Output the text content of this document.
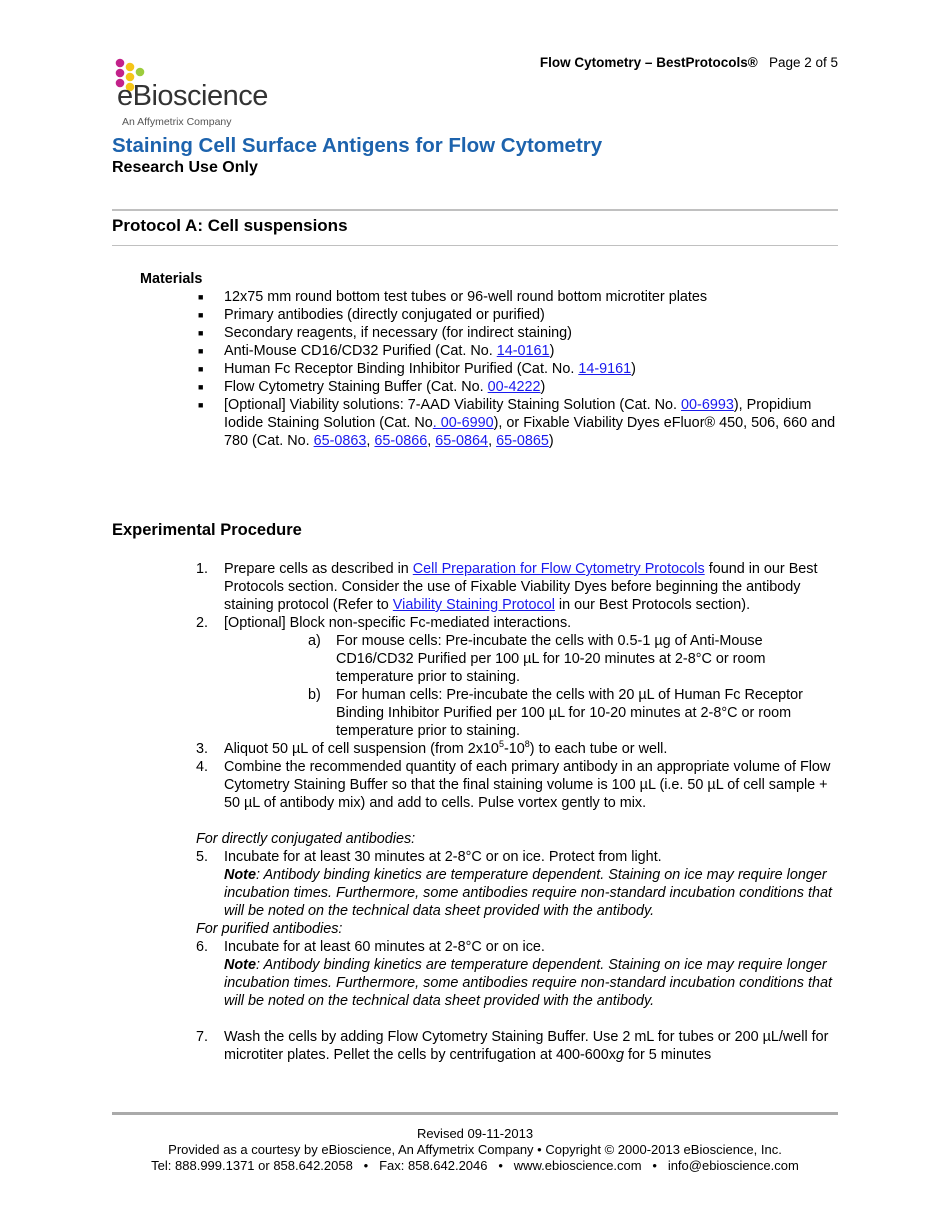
Flow Cytometry – BestProtocols® Page 2 of 5
eBioscience
An Affymetrix Company
Staining Cell Surface Antigens for Flow Cytometry
Research Use Only
Protocol A: Cell suspensions
Materials
■ 12x75 mm round bottom test tubes or 96-well round bottom microtiter plates
■ Primary antibodies (directly conjugated or purified)
■ Secondary reagents, if necessary (for indirect staining)
■ Anti-Mouse CD16/CD32 Purified (Cat. No. 14-0161)
■ Human Fc Receptor Binding Inhibitor Purified (Cat. No. 14-9161)
■ Flow Cytometry Staining Buffer (Cat. No. 00-4222)
■ [Optional] Viability solutions: 7-AAD Viability Staining Solution (Cat. No. 00-6993), Propidium Iodide Staining Solution (Cat. No. 00-6990), or Fixable Viability Dyes eFluor® 450, 506, 660 and 780 (Cat. No. 65-0863, 65-0866, 65-0864, 65-0865)
Experimental Procedure
1. Prepare cells as described in Cell Preparation for Flow Cytometry Protocols found in our Best Protocols section. Consider the use of Fixable Viability Dyes before beginning the antibody staining protocol (Refer to Viability Staining Protocol in our Best Protocols section).
2. [Optional] Block non-specific Fc-mediated interactions.
a) For mouse cells: Pre-incubate the cells with 0.5-1 µg of Anti-Mouse CD16/CD32 Purified per 100 µL for 10-20 minutes at 2-8°C or room temperature prior to staining.
b) For human cells: Pre-incubate the cells with 20 µL of Human Fc Receptor Binding Inhibitor Purified per 100 µL for 10-20 minutes at 2-8°C or room temperature prior to staining.
3. Aliquot 50 µL of cell suspension (from $2x10^5-10^8$) to each tube or well.
4. Combine the recommended quantity of each primary antibody in an appropriate volume of Flow Cytometry Staining Buffer so that the final staining volume is 100 µL (i.e. 50 µL of cell sample + 50 µL of antibody mix) and add to cells. Pulse vortex gently to mix.
For directly conjugated antibodies:
5. Incubate for at least 30 minutes at 2-8°C or on ice. Protect from light.
Note: Antibody binding kinetics are temperature dependent. Staining on ice may require longer incubation times. Furthermore, some antibodies require non-standard incubation conditions that will be noted on the technical data sheet provided with the antibody.
For purified antibodies:
6. Incubate for at least 60 minutes at 2-8°C or on ice.
Note: Antibody binding kinetics are temperature dependent. Staining on ice may require longer incubation times. Furthermore, some antibodies require non-standard incubation conditions that will be noted on the technical data sheet provided with the antibody.
7. Wash the cells by adding Flow Cytometry Staining Buffer. Use 2 mL for tubes or 200 µL/well for microtiter plates. Pellet the cells by centrifugation at 400-600xg for 5 minutes
Revised 09-11-2013
Provided as a courtesy by eBioscience, An Affymetrix Company • Copyright © 2000-2013 eBioscience, Inc.
Tel: 888.999.1371 or 858.642.2058   •   Fax: 858.642.2046   •   www.ebioscience.com   •   info@ebioscience.com
